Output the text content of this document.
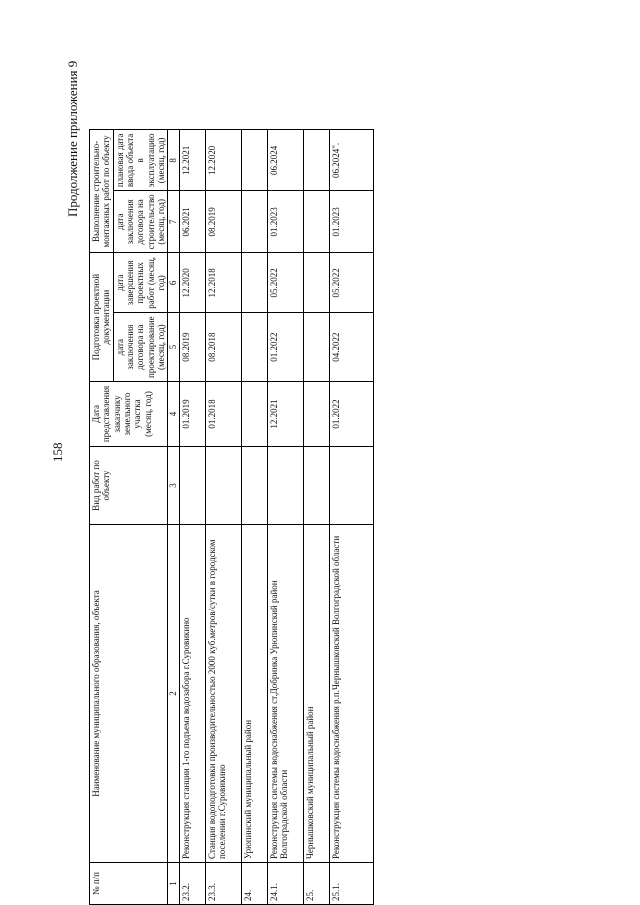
158
Продолжение приложения 9
№ п/п	Наименование муниципального образования, объекта	Вид работ по объекту	Дата представления заказчику земельного участка (месяц, год)	Подготовка проектной документации		Выполнение строительно-монтажных работ по объекту	
				дата заключения договора на проектирование (месяц, год)	дата завершения проектных работ (месяц, год)	дата заключения договора на строительство (месяц, год)	плановая дата ввода объекта в эксплуатацию (месяц, год)
1	2	3	4	5	6	7	8
23.2.	Реконструкция станции 1-го подъема водозабора г.Суровикино		01.2019	08.2019	12.2020	06.2021	12.2021
23.3.	Станция водоподготовки производительностью 2000 куб.метров/сутки в городском поселении г.Суровикино		01.2018	08.2018	12.2018	08.2019	12.2020
24.	Урюпинский муниципальный район						
24.1.	Реконструкция системы водоснабжения ст.Добринка Урюпинский район Волгоградской области		12.2021	01.2022	05.2022	01.2023	06.2024
25.	Чернышковский муниципальный район						
25.1.	Реконструкция системы водоснабжения р.п.Чернышковский Волгоградской области		01.2022	04.2022	05.2022	01.2023	06.2024".
